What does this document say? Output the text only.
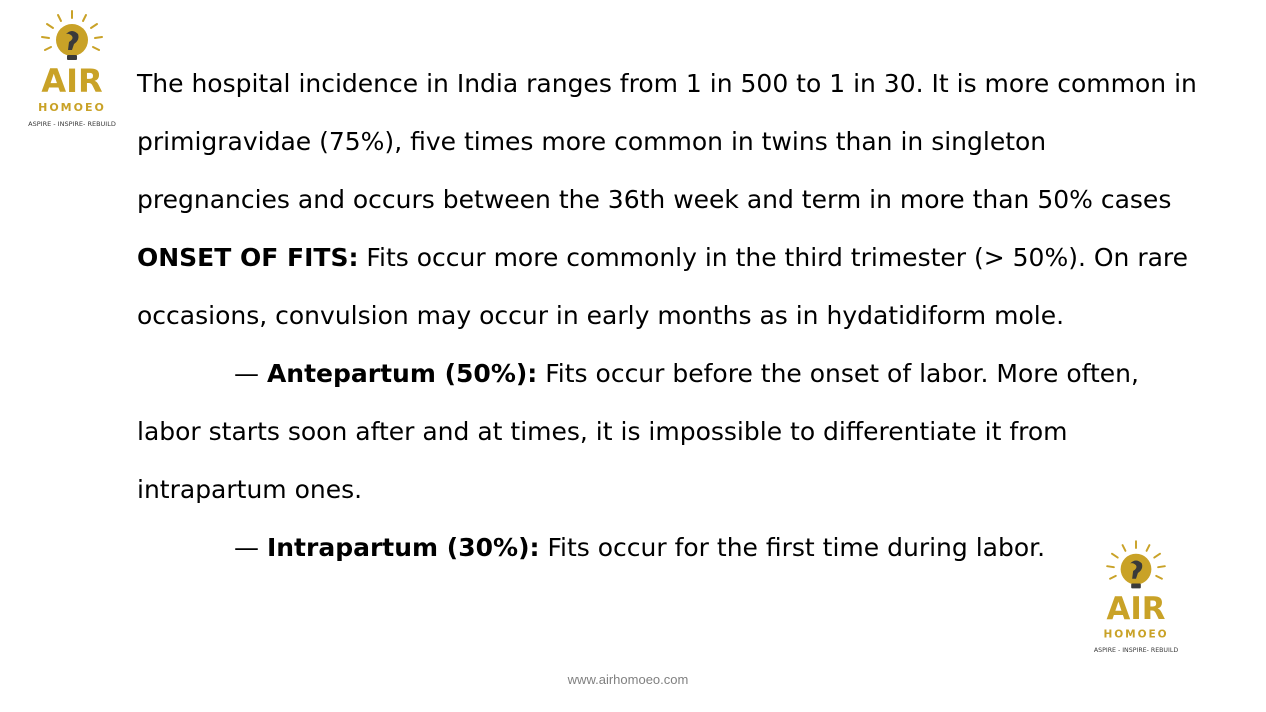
AIR
HOMOEO
ASPIRE - INSPIRE- REBUILD

The hospital incidence in India ranges from 1 in 500 to 1 in 30. It is more common in primigravidae (75%), five times more common in twins than in singleton pregnancies and occurs between the 36th week and term in more than 50% cases

ONSET OF FITS: Fits occur more commonly in the third trimester (> 50%). On rare occasions, convulsion may occur in early months as in hydatidiform mole.

— Antepartum (50%): Fits occur before the onset of labor. More often, labor starts soon after and at times, it is impossible to differentiate it from intrapartum ones.

— Intrapartum (30%): Fits occur for the first time during labor.

AIR
HOMOEO
ASPIRE - INSPIRE- REBUILD
www.airhomoeo.com
